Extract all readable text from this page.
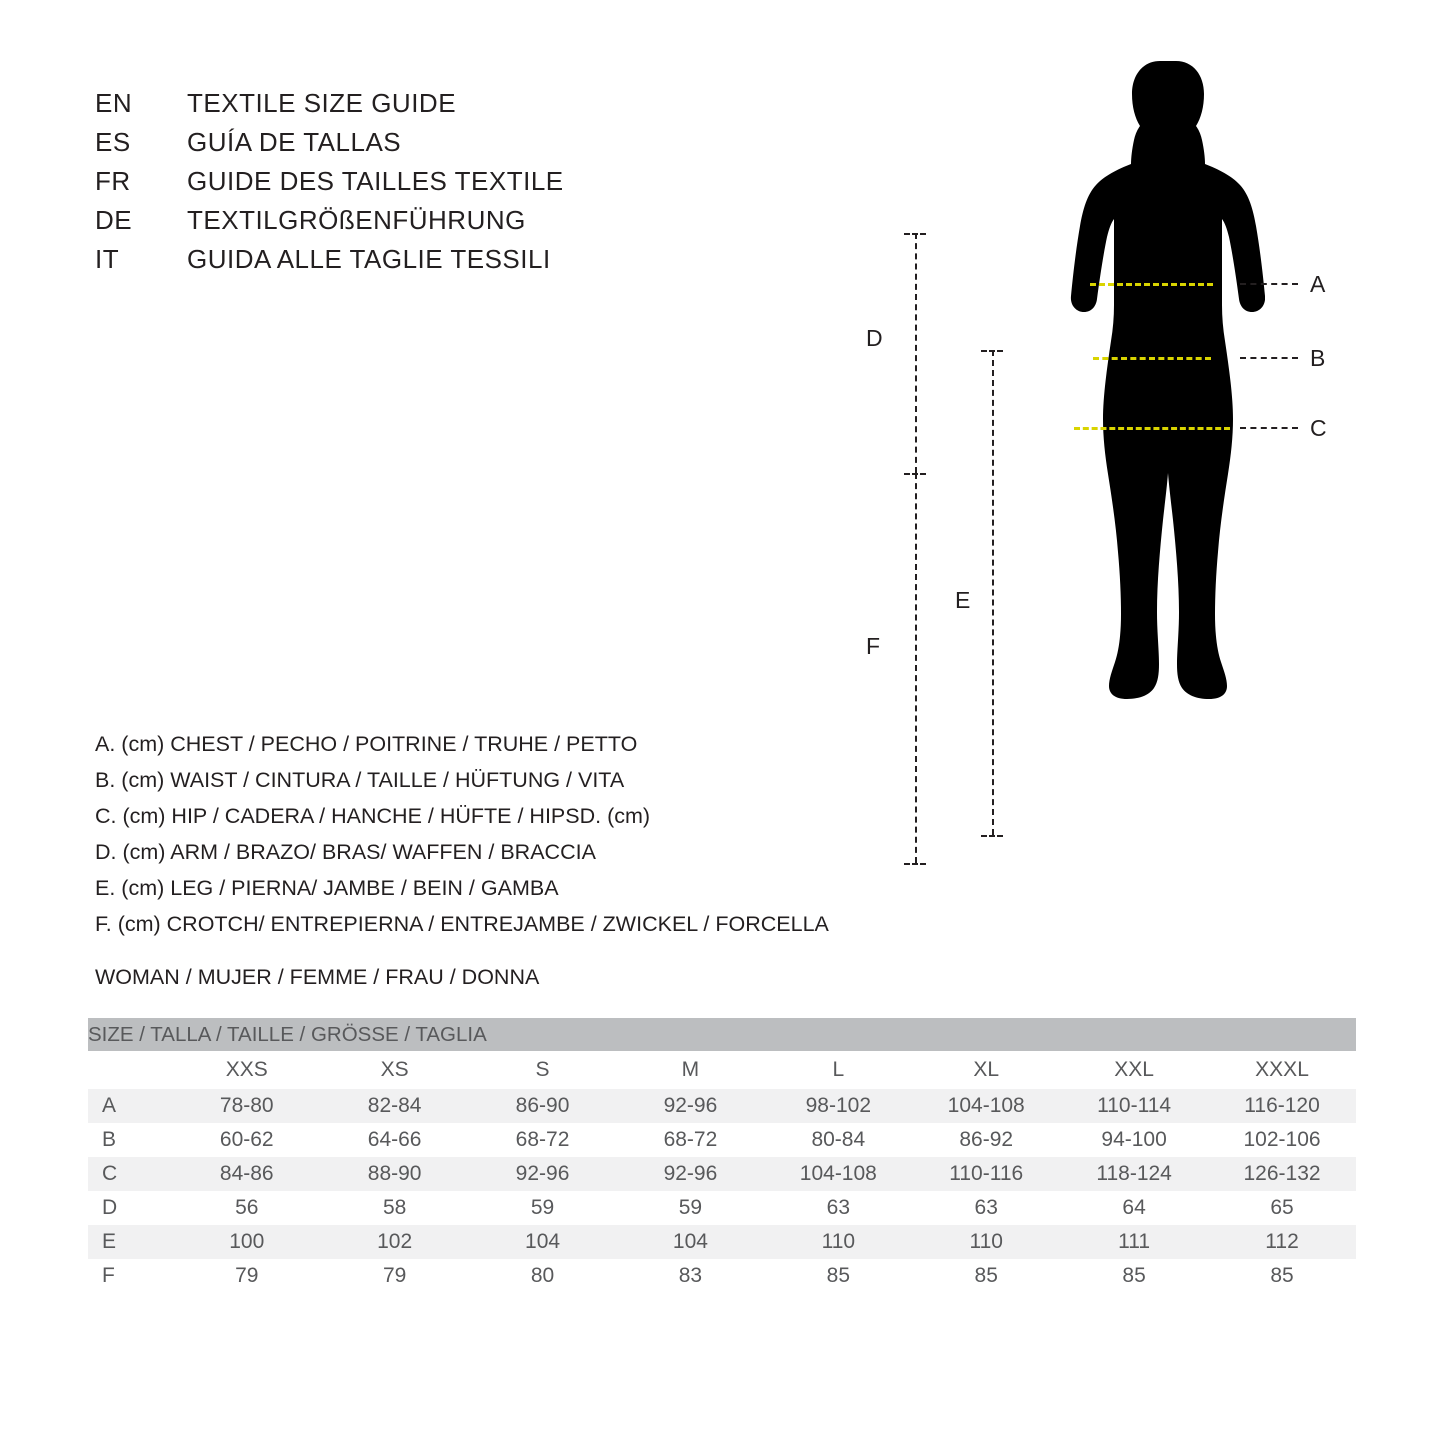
EN	TEXTILE SIZE GUIDE
ES	GUÍA DE TALLAS
FR	GUIDE DES TAILLES TEXTILE
DE	TEXTILGRÖßENFÜHRUNG
IT	GUIDA ALLE TAGLIE TESSILI
A
B
C
D
F
E
A. (cm) CHEST / PECHO / POITRINE / TRUHE / PETTO
B. (cm) WAIST / CINTURA / TAILLE / HÜFTUNG / VITA
C. (cm) HIP / CADERA / HANCHE / HÜFTE / HIPSD. (cm)
D. (cm) ARM / BRAZO/ BRAS/ WAFFEN / BRACCIA
E. (cm) LEG / PIERNA/ JAMBE / BEIN / GAMBA
F. (cm) CROTCH/ ENTREPIERNA / ENTREJAMBE / ZWICKEL / FORCELLA
WOMAN / MUJER / FEMME / FRAU / DONNA
SIZE / TALLA / TAILLE / GRÖSSE / TAGLIA								
	XXS	XS	S	M	L	XL	XXL	XXXL
A	78-80	82-84	86-90	92-96	98-102	104-108	110-114	116-120
B	60-62	64-66	68-72	68-72	80-84	86-92	94-100	102-106
C	84-86	88-90	92-96	92-96	104-108	110-116	118-124	126-132
D	56	58	59	59	63	63	64	65
E	100	102	104	104	110	110	111	112
F	79	79	80	83	85	85	85	85
